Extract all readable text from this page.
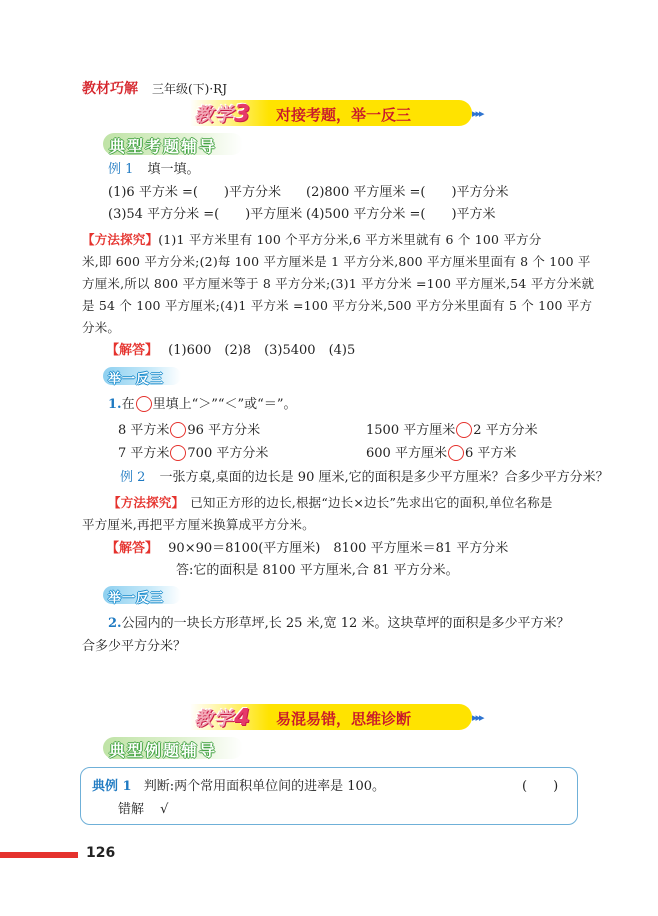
教材巧解 三年级(下)·RJ
教学3 对接考题，举一反三	▸▸▸
典型考题辅导
例 1 填一填。
(1)6 平方米 =(　　)平方分米 (2)800 平方厘米 =(　　)平方分米
(3)54 平方分米 =(　　)平方厘米 (4)500 平方分米 =(　　)平方米
【方法探究】(1)1 平方米里有 100 个平方分米,6 平方米里就有 6 个 100 平方分
米,即 600 平方分米;(2)每 100 平方厘米是 1 平方分米,800 平方厘米里面有 8 个 100 平
方厘米,所以 800 平方厘米等于 8 平方分米;(3)1 平方分米 =100 平方厘米,54 平方分米就
是 54 个 100 平方厘米;(4)1 平方米 =100 平方分米,500 平方分米里面有 5 个 100 平方
分米。
【解答】 (1)600　(2)8　(3)5400　(4)5
举一反三
1.在 里填上“＞”“＜”或“＝”。
8 平方米 96 平方分米	1500 平方厘米 2 平方分米
7 平方米 700 平方分米	600 平方厘米 6 平方米
例 2 一张方桌,桌面的边长是 90 厘米,它的面积是多少平方厘米？合多少平方分米？
【方法探究】 已知正方形的边长,根据“边长×边长”先求出它的面积,单位名称是
平方厘米,再把平方厘米换算成平方分米。
【解答】 90×90＝8100(平方厘米)　8100 平方厘米＝81 平方分米
答:它的面积是 8100 平方厘米,合 81 平方分米。
举一反三
2.公园内的一块长方形草坪,长 25 米,宽 12 米。这块草坪的面积是多少平方米？
合多少平方分米？
教学4 易混易错，思维诊断	▸▸▸
典型例题辅导
典例 1 判断:两个常用面积单位间的进率是 100。	(　　)
错解 √
126
